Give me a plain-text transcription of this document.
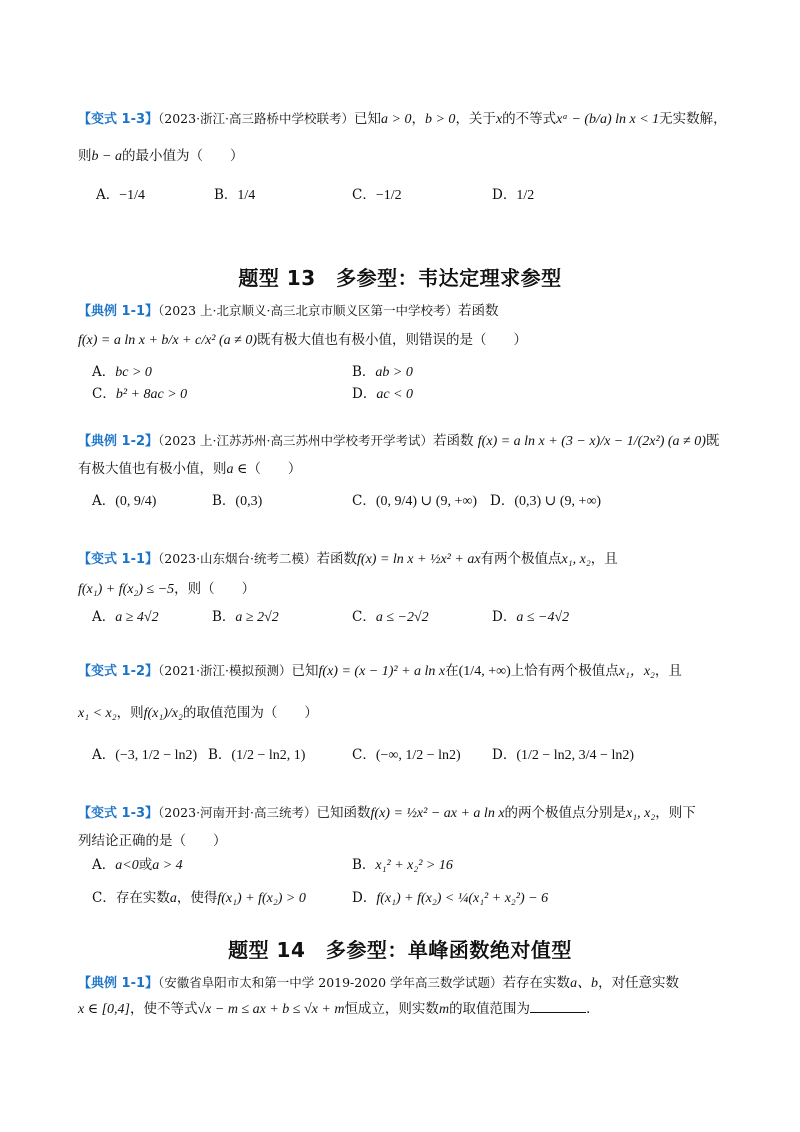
【变式 1-3】（2023·浙江·高三路桥中学校联考）已知a > 0，b > 0，关于x的不等式xᵃ − (b/a) ln x < 1无实数解，
则b − a的最小值为（　　）
A．−1/4	B．1/4	C．−1/2	D．1/2
题型 13　多参型：韦达定理求参型
【典例 1-1】（2023 上·北京顺义·高三北京市顺义区第一中学校考）若函数
f(x) = a ln x + b/x + c/x² (a ≠ 0)既有极大值也有极小值，则错误的是（　　）
A．bc > 0	B．ab > 0
C．b² + 8ac > 0	D．ac < 0
【典例 1-2】（2023 上·江苏苏州·高三苏州中学校考开学考试）若函数 f(x) = a ln x + (3 − x)/x − 1/(2x²) (a ≠ 0)既
有极大值也有极小值，则a ∈（　　）
A．(0, 9/4)	B．(0,3)	C．(0, 9/4) ∪ (9, +∞) D．(0,3) ∪ (9, +∞)
【变式 1-1】（2023·山东烟台·统考二模）若函数f(x) = ln x + ½x² + ax有两个极值点x₁, x₂，且
f(x₁) + f(x₂) ≤ −5，则（　　）
A．a ≥ 4√2	B．a ≥ 2√2	C．a ≤ −2√2	D．a ≤ −4√2
【变式 1-2】（2021·浙江·模拟预测）已知f(x) = (x − 1)² + a ln x在(1/4, +∞)上恰有两个极值点x₁，x₂，且
x₁ < x₂，则f(x₁)/x₂的取值范围为（　　）
A．(−3, 1/2 − ln2) B．(1/2 − ln2, 1)	C．(−∞, 1/2 − ln2) D．(1/2 − ln2, 3/4 − ln2)
【变式 1-3】（2023·河南开封·高三统考）已知函数f(x) = ½x² − ax + a ln x的两个极值点分别是x₁, x₂，则下
列结论正确的是（　　）
A．a<0或a > 4	B．x₁² + x₂² > 16
C．存在实数a，使得f(x₁) + f(x₂) > 0	D．f(x₁) + f(x₂) < ¼(x₁² + x₂²) − 6
题型 14　多参型：单峰函数绝对值型
【典例 1-1】（安徽省阜阳市太和第一中学 2019-2020 学年高三数学试题）若存在实数a、b，对任意实数
x ∈ [0,4]，使不等式√x − m ≤ ax + b ≤ √x + m恒成立，则实数m的取值范围为	．
